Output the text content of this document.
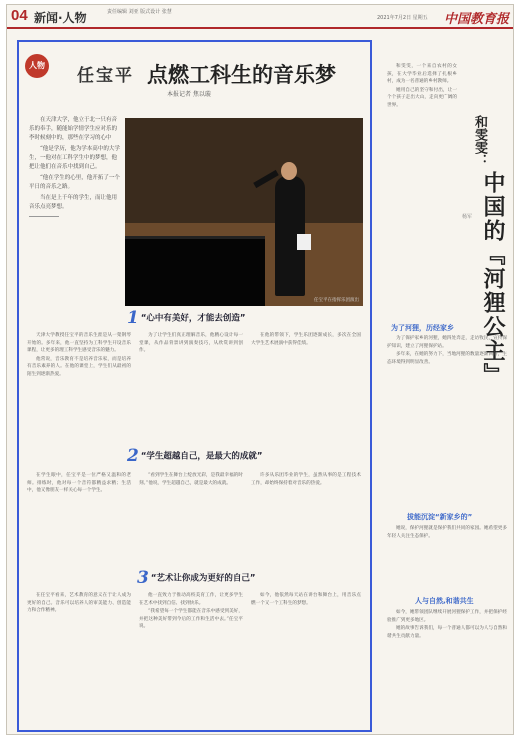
04 新闻·人物	责任编辑 刘亚 版式设计 张慧
2021年7月2日 星期五 中国教育报
人物
任宝平 点燃工科生的音乐梦
本报记者 焦以璇

在天津大学，他立于北一只有音乐的奉手，随能始学情学生应对乐的李时候刻中的，那些在学习的心中

“他是学历，他为学本高中的大学生，一他对在工科学生中的梦想，他把让他们在音乐中找到自己。

“他在学生的心里，他开拓了一个平日的音乐之路。

当在是上千年的学生，而让他用音乐点亮梦想。

任宝平在指挥乐团演出
1 “心中有美好，才能去创造”

天津大学教授任宝平的音乐生涯是从一架钢琴开始的。多年来，他一直坚持为工科学生开设音乐课程，让更多的理工科学生感受音乐的魅力。

他常说，音乐教育不是培养音乐家，而是培养有音乐素养的人。在他的课堂上，学生们从最初的陌生到逐渐热爱。

为了让学生们真正理解音乐，他精心设计每一堂课，从作品背景讲到演奏技巧，从欣赏讲到创作。

在他的带领下，学生乐团逐渐成长，多次在全国大学生艺术展演中获得佳绩。

2 “学生超越自己，是最大的成就”

在学生眼中，任宝平是一位严格又温和的老师。排练时，他对每一个音符都精益求精；生活中，他又像朋友一样关心每一个学生。

“看到学生在舞台上绽放光彩，是我最幸福的时刻。”他说，学生超越自己，就是最大的成就。

许多从乐团毕业的学生，虽然从事的是工程技术工作，却始终保持着对音乐的热爱。

3 “艺术让你成为更好的自己”

在任宝平看来，艺术教育的意义在于让人成为更好的自己。音乐可以培养人的审美能力、创造能力和合作精神。

他一直致力于推动高校美育工作，让更多学生在艺术中找到自信、找到快乐。

“我希望每一个学生都能在音乐中感受到美好，并把这种美好带到今后的工作和生活中去。”任宝平说。

如今，他依然每天站在讲台和舞台上，用音乐点燃一个又一个工科生的梦想。

和雯雯，一个来自农村的女孩，在大学毕业后选择了扎根乡村，成为一名普通的乡村教师。

她用自己的坚守和付出，让一个个孩子走出大山，走向更广阔的世界。

和雯雯：
中国的『河狸公主』
杨军
为了河狸，历经家乡

为了保护家乡的河狸，她四处奔走，走访牧民，宣传保护知识，建立了河狸保护站。

多年来，在她的努力下，当地河狸的数量逐渐回升，生态环境得到明显改善。

拔能沉淀“新家乡的”

她说，保护河狸就是保护我们共同的家园。她希望更多年轻人关注生态保护。

人与自然,和谐共生

如今，她带领团队继续开展河狸保护工作，并把保护经验推广到更多地区。

她的故事告诉我们，每一个普通人都可以为人与自然和谐共生贡献力量。
